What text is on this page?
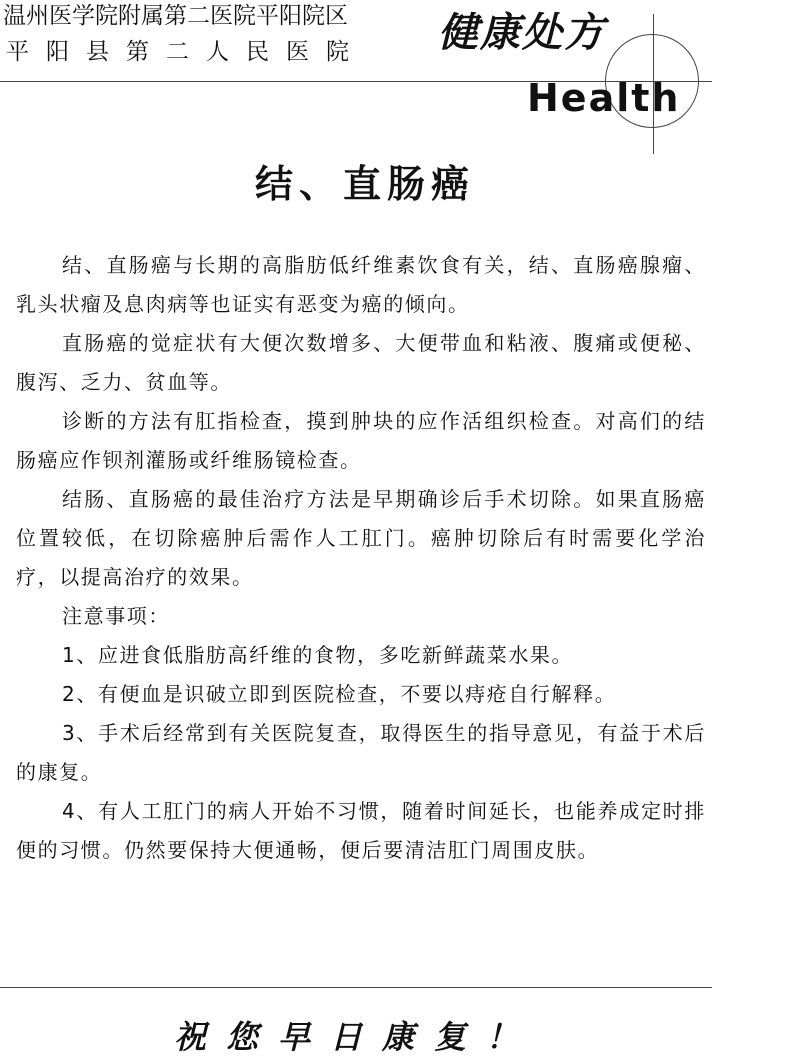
温州医学院附属第二医院平阳院区
平阳县第二人民医院 健康处方
Health
结、直肠癌

结、直肠癌与长期的高脂肪低纤维素饮食有关，结、直肠癌腺瘤、乳头状瘤及息肉病等也证实有恶变为癌的倾向。

直肠癌的觉症状有大便次数增多、大便带血和粘液、腹痛或便秘、腹泻、乏力、贫血等。

诊断的方法有肛指检查，摸到肿块的应作活组织检查。对高们的结肠癌应作钡剂灌肠或纤维肠镜检查。

结肠、直肠癌的最佳治疗方法是早期确诊后手术切除。如果直肠癌位置较低，在切除癌肿后需作人工肛门。癌肿切除后有时需要化学治疗，以提高治疗的效果。

注意事项：

1、应进食低脂肪高纤维的食物，多吃新鲜蔬菜水果。

2、有便血是识破立即到医院检查，不要以痔疮自行解释。

3、手术后经常到有关医院复查，取得医生的指导意见，有益于术后的康复。

4、有人工肛门的病人开始不习惯，随着时间延长，也能养成定时排便的习惯。仍然要保持大便通畅，便后要清洁肛门周围皮肤。

祝您早日康复！
